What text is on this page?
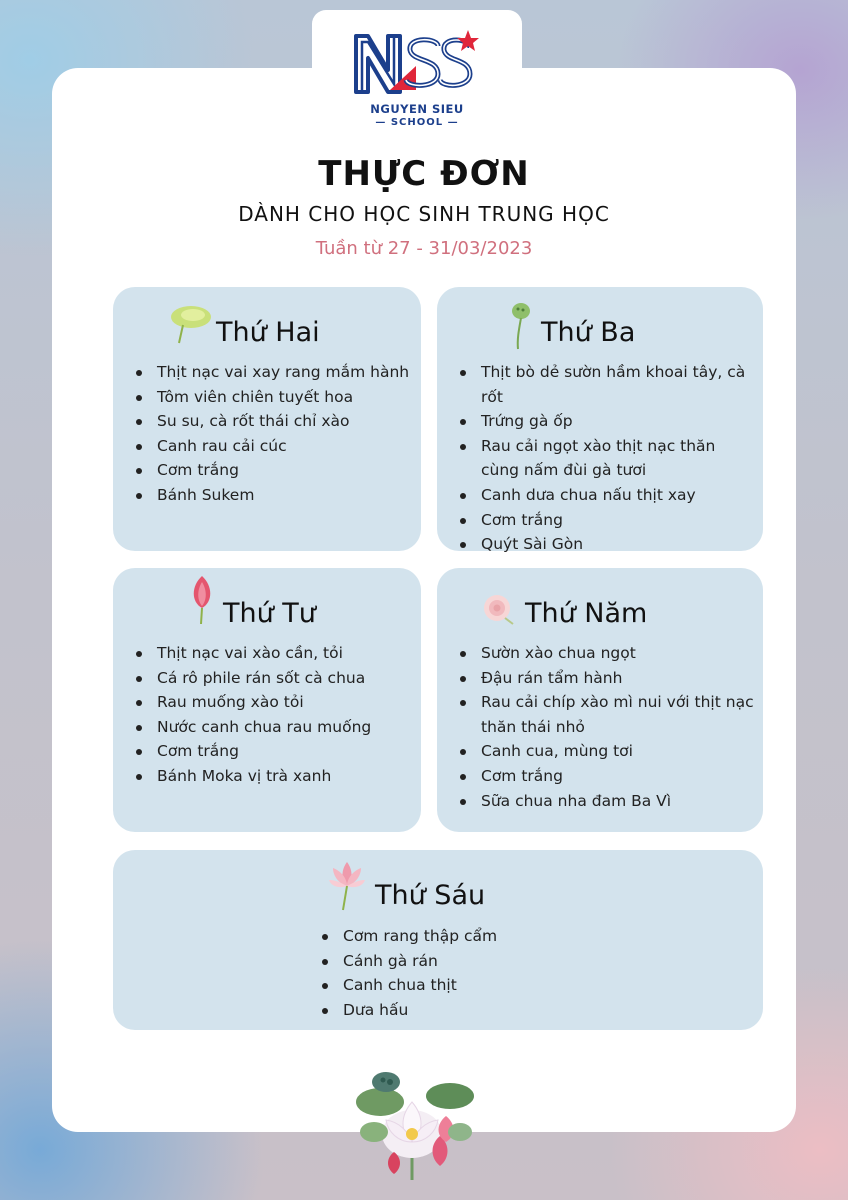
NGUYEN SIEU
— SCHOOL —
THỰC ĐƠN
DÀNH CHO HỌC SINH TRUNG HỌC
Tuần từ 27 - 31/03/2023
Thứ Hai
Thịt nạc vai xay rang mắm hành
Tôm viên chiên tuyết hoa
Su su, cà rốt thái chỉ xào
Canh rau cải cúc
Cơm trắng
Bánh Sukem
Thứ Ba
Thịt bò dẻ sườn hầm khoai tây, cà rốt
Trứng gà ốp
Rau cải ngọt xào thịt nạc thăn cùng nấm đùi gà tươi
Canh dưa chua nấu thịt xay
Cơm trắng
Quýt Sài Gòn
Thứ Tư
Thịt nạc vai xào cần, tỏi
Cá rô phile rán sốt cà chua
Rau muống xào tỏi
Nước canh chua rau muống
Cơm trắng
Bánh Moka vị trà xanh
Thứ Năm
Sườn xào chua ngọt
Đậu rán tẩm hành
Rau cải chíp xào mì nui với thịt nạc thăn thái nhỏ
Canh cua, mùng tơi
Cơm trắng
Sữa chua nha đam Ba Vì
Thứ Sáu
Cơm rang thập cẩm
Cánh gà rán
Canh chua thịt
Dưa hấu
